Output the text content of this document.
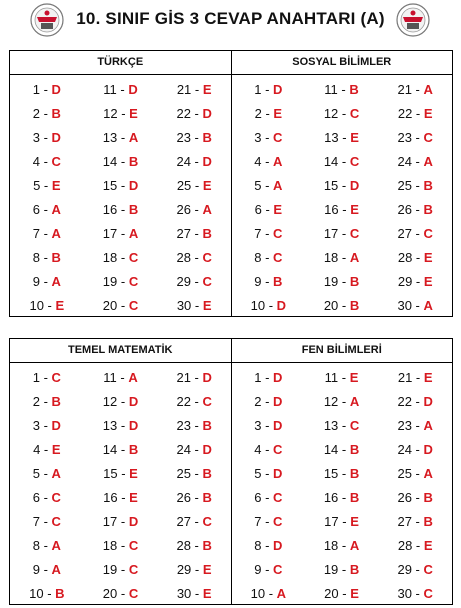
10. SINIF GİS 3 CEVAP ANAHTARI (A)
TÜRKÇE	SOSYAL BİLİMLER
1 - D
2 - B
3 - D
4 - C
5 - E
6 - A
7 - A
8 - B
9 - A
10 - E
11 - D
12 - E
13 - A
14 - B
15 - D
16 - B
17 - A
18 - C
19 - C
20 - C
21 - E
22 - D
23 - B
24 - D
25 - E
26 - A
27 - B
28 - C
29 - C
30 - E
1 - D
2 - E
3 - C
4 - A
5 - A
6 - E
7 - C
8 - C
9 - B
10 - D
11 - B
12 - C
13 - E
14 - C
15 - D
16 - E
17 - C
18 - A
19 - B
20 - B
21 - A
22 - E
23 - C
24 - A
25 - B
26 - B
27 - C
28 - E
29 - E
30 - A
TEMEL MATEMATİK	FEN BİLİMLERİ
1 - C
2 - B
3 - D
4 - E
5 - A
6 - C
7 - C
8 - A
9 - A
10 - B
11 - A
12 - D
13 - D
14 - B
15 - E
16 - E
17 - D
18 - C
19 - C
20 - C
21 - D
22 - C
23 - B
24 - D
25 - B
26 - B
27 - C
28 - B
29 - E
30 - E
1 - D
2 - D
3 - D
4 - C
5 - D
6 - C
7 - C
8 - D
9 - C
10 - A
11 - E
12 - A
13 - C
14 - B
15 - B
16 - B
17 - E
18 - A
19 - B
20 - E
21 - E
22 - D
23 - A
24 - D
25 - A
26 - B
27 - B
28 - E
29 - C
30 - C
